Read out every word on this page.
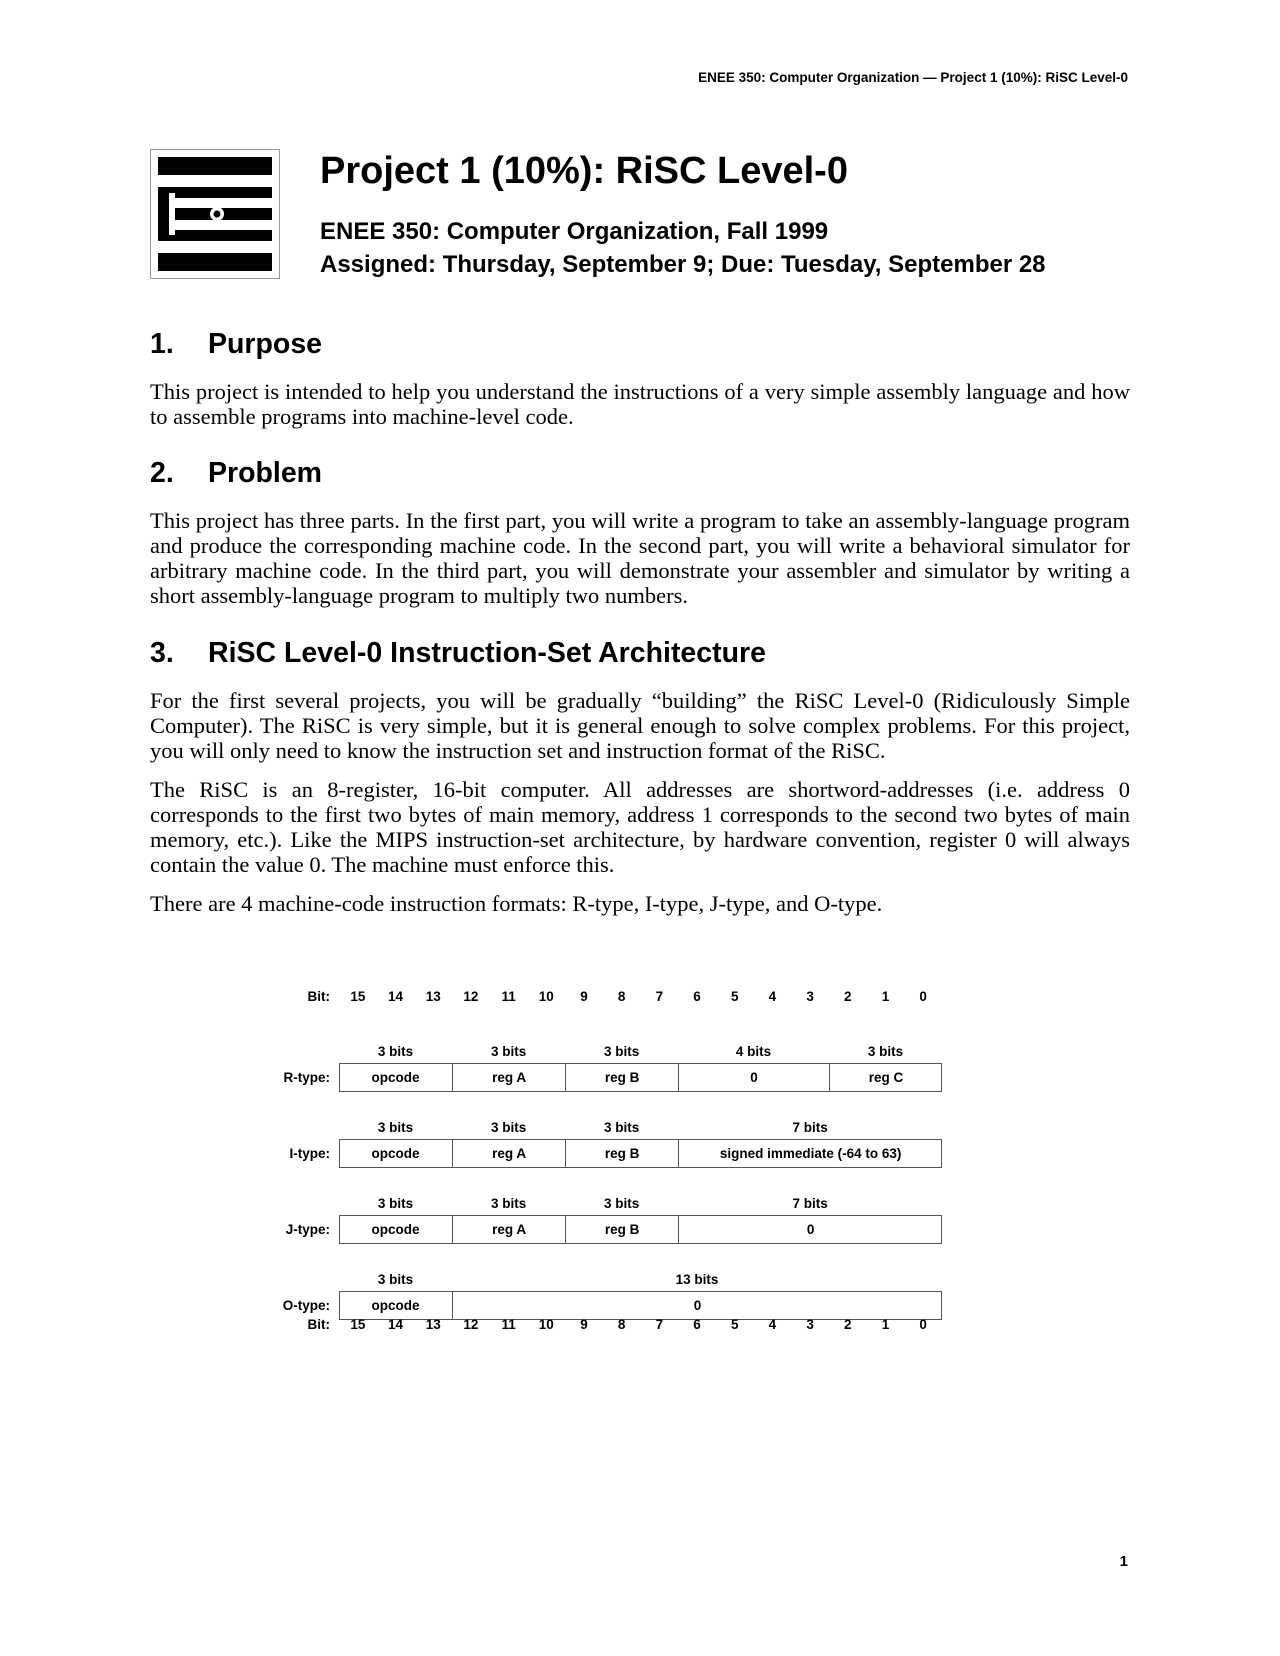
ENEE 350: Computer Organization — Project 1 (10%): RiSC Level-0
Project 1 (10%): RiSC Level-0
ENEE 350: Computer Organization, Fall 1999
Assigned: Thursday, September 9; Due: Tuesday, September 28
1. Purpose

This project is intended to help you understand the instructions of a very simple assembly language and how to assemble programs into machine-level code.

2. Problem

This project has three parts. In the first part, you will write a program to take an assembly-language program and produce the corresponding machine code. In the second part, you will write a behavioral simulator for arbitrary machine code. In the third part, you will demonstrate your assembler and simulator by writing a short assembly-language program to multiply two numbers.

3. RiSC Level-0 Instruction-Set Architecture

For the first several projects, you will be gradually “building” the RiSC Level-0 (Ridiculously Simple Computer). The RiSC is very simple, but it is general enough to solve complex problems. For this project, you will only need to know the instruction set and instruction format of the RiSC.

The RiSC is an 8-register, 16-bit computer. All addresses are shortword-addresses (i.e. address 0 corresponds to the first two bytes of main memory, address 1 corresponds to the second two bytes of main memory, etc.). Like the MIPS instruction-set architecture, by hardware convention, register 0 will always contain the value 0. The machine must enforce this.

There are 4 machine-code instruction formats: R-type, I-type, J-type, and O-type.

Bit:	15	14	13	12	11	10	9	8	7	6	5	4	3	2	1	0
3 bits	3 bits	3 bits	4 bits	3 bits
R-type:	opcode	reg A	reg B	0	reg C
3 bits	3 bits	3 bits	7 bits
I-type:	opcode	reg A	reg B	signed immediate (-64 to 63)
3 bits	3 bits	3 bits	7 bits
J-type:	opcode	reg A	reg B	0
3 bits	13 bits
O-type:	opcode	0
Bit:	15	14	13	12	11	10	9	8	7	6	5	4	3	2	1	0
1
